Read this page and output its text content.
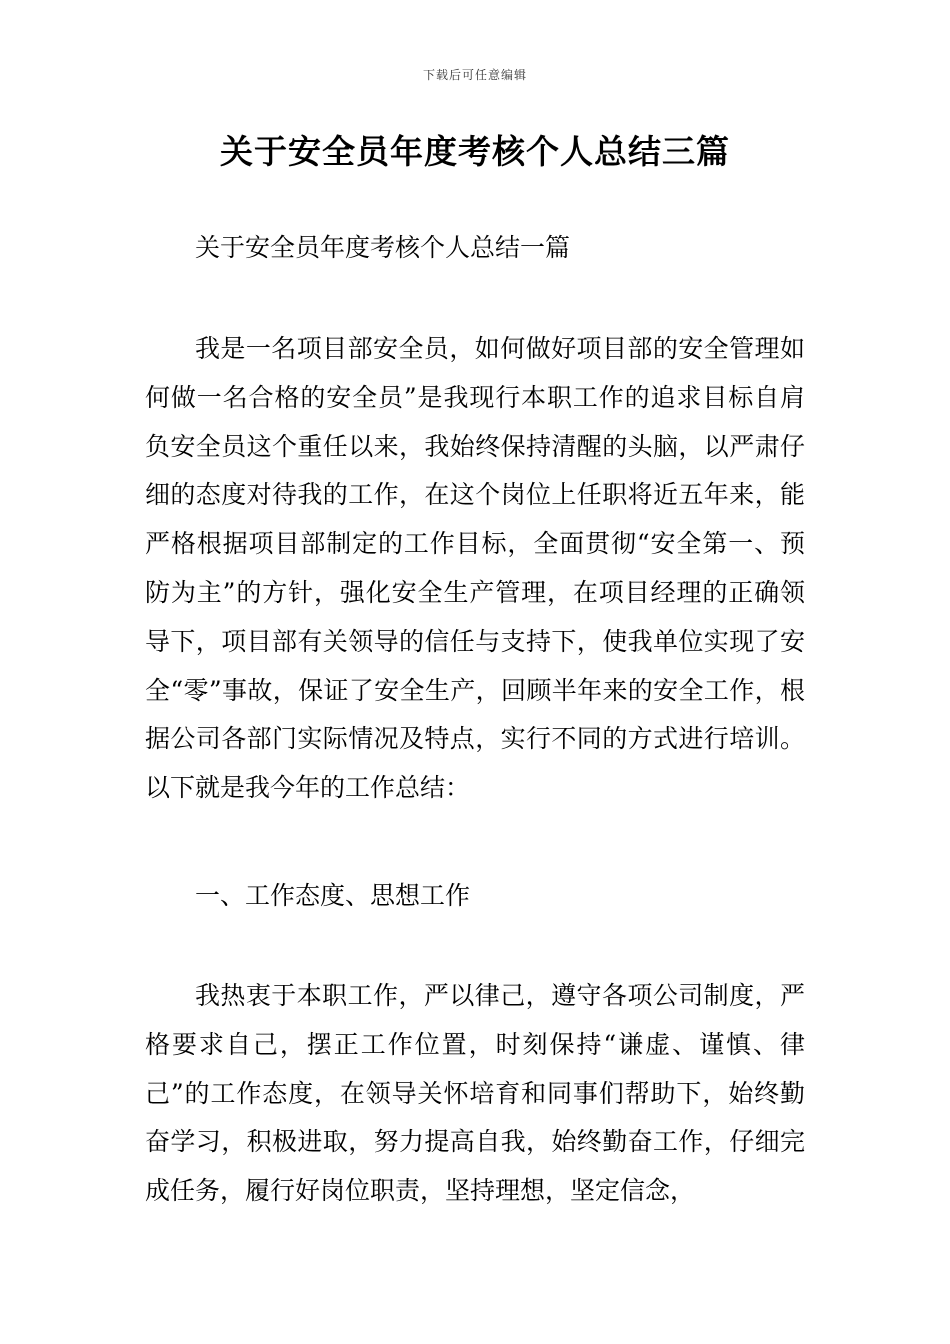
下载后可任意编辑
关于安全员年度考核个人总结三篇

关于安全员年度考核个人总结一篇

我是一名项目部安全员，如何做好项目部的安全管理如何做一名合格的安全员”是我现行本职工作的追求目标自肩负安全员这个重任以来，我始终保持清醒的头脑，以严肃仔细的态度对待我的工作，在这个岗位上任职将近五年来，能严格根据项目部制定的工作目标，全面贯彻“安全第一、预防为主”的方针，强化安全生产管理，在项目经理的正确领导下，项目部有关领导的信任与支持下，使我单位实现了安全“零”事故，保证了安全生产，回顾半年来的安全工作，根据公司各部门实际情况及特点，实行不同的方式进行培训。以下就是我今年的工作总结：

一、工作态度、思想工作

我热衷于本职工作，严以律己，遵守各项公司制度，严格要求自己，摆正工作位置，时刻保持“谦虚、谨慎、律己”的工作态度，在领导关怀培育和同事们帮助下，始终勤奋学习，积极进取，努力提高自我，始终勤奋工作，仔细完成任务，履行好岗位职责，坚持理想，坚定信念，
